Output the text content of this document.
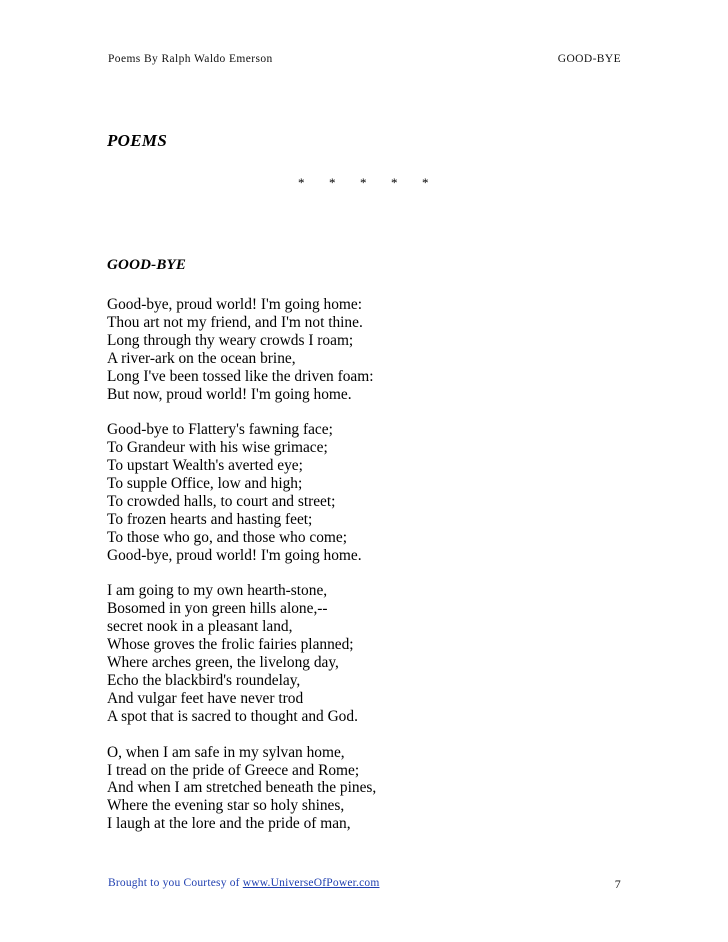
Poems By Ralph Waldo Emerson	GOOD-BYE
POEMS
* * * * *
GOOD-BYE
Good-bye, proud world! I'm going home:
Thou art not my friend, and I'm not thine.
Long through thy weary crowds I roam;
A river-ark on the ocean brine,
Long I've been tossed like the driven foam:
But now, proud world! I'm going home.
Good-bye to Flattery's fawning face;
To Grandeur with his wise grimace;
To upstart Wealth's averted eye;
To supple Office, low and high;
To crowded halls, to court and street;
To frozen hearts and hasting feet;
To those who go, and those who come;
Good-bye, proud world! I'm going home.
I am going to my own hearth-stone,
Bosomed in yon green hills alone,--
secret nook in a pleasant land,
Whose groves the frolic fairies planned;
Where arches green, the livelong day,
Echo the blackbird's roundelay,
And vulgar feet have never trod
A spot that is sacred to thought and God.
O, when I am safe in my sylvan home,
I tread on the pride of Greece and Rome;
And when I am stretched beneath the pines,
Where the evening star so holy shines,
I laugh at the lore and the pride of man,
Brought to you Courtesy of www.UniverseOfPower.com	7
